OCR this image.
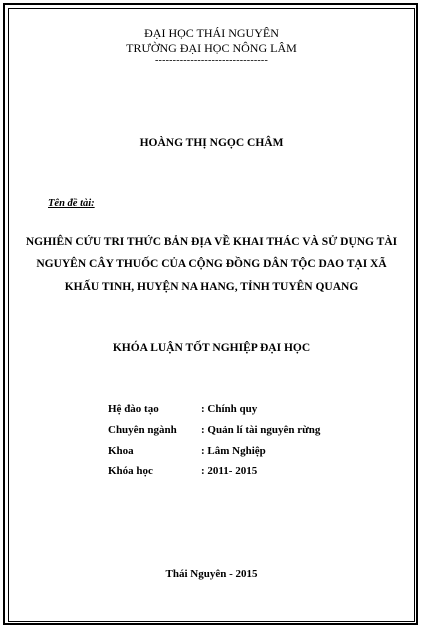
ĐẠI HỌC THÁI NGUYÊN
TRƯỜNG ĐẠI HỌC NÔNG LÂM
--------------------------------
HOÀNG THỊ NGỌC CHÂM
Tên đề tài:
NGHIÊN CỨU TRI THỨC BẢN ĐỊA VỀ KHAI THÁC VÀ SỬ DỤNG TÀI
NGUYÊN CÂY THUỐC CỦA CỘNG ĐỒNG DÂN TỘC DAO TẠI XÃ
KHẤU TINH, HUYỆN NA HANG, TỈNH TUYÊN QUANG
KHÓA LUẬN TỐT NGHIỆP ĐẠI HỌC
Hệ đào tạo	: Chính quy
Chuyên ngành : Quản lí tài nguyên rừng
Khoa	: Lâm Nghiệp
Khóa học	: 2011- 2015
Thái Nguyên - 2015
